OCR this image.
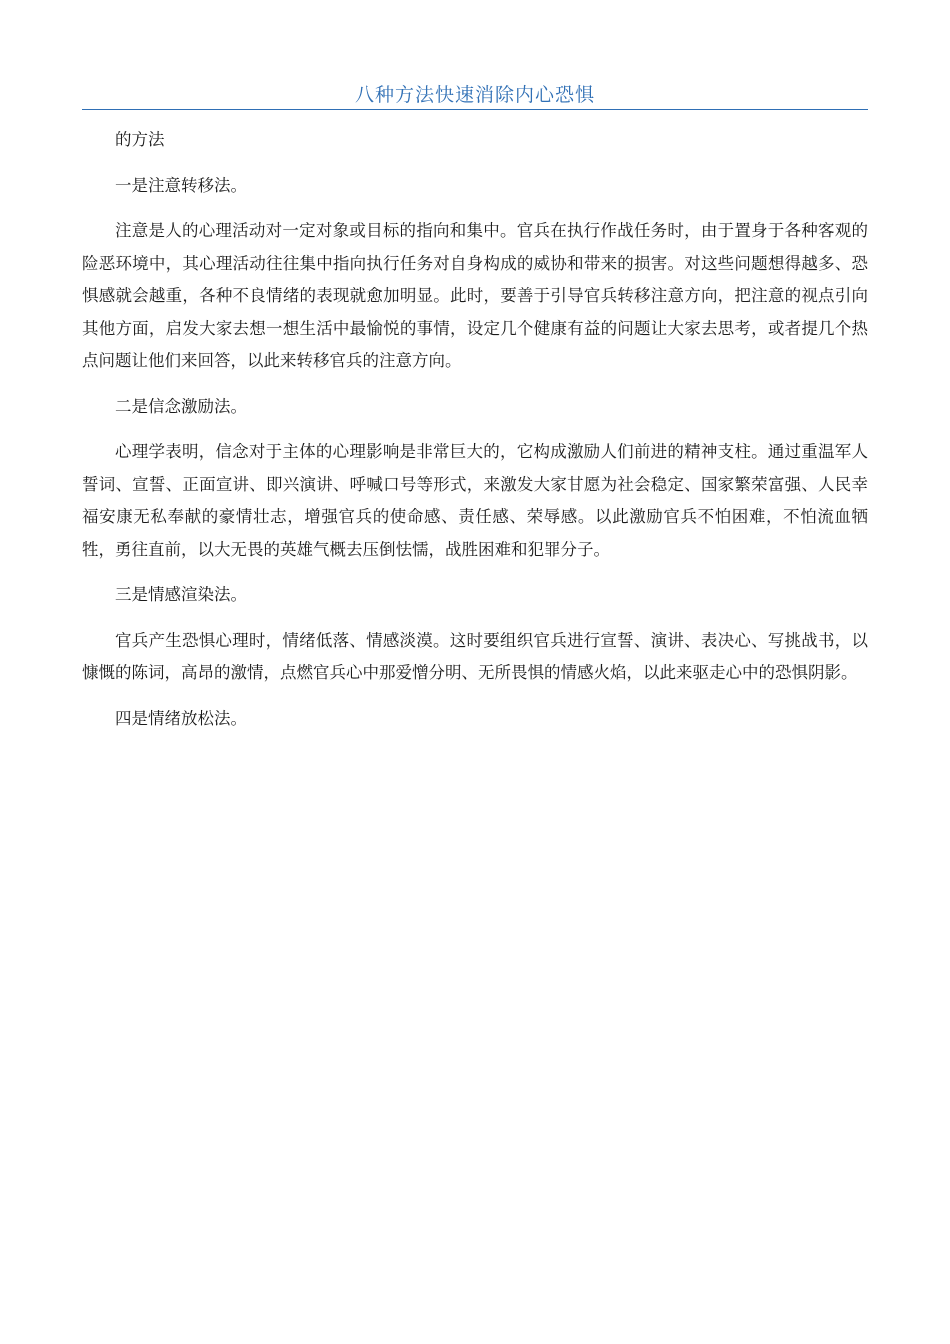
八种方法快速消除内心恐惧

的方法

一是注意转移法。

注意是人的心理活动对一定对象或目标的指向和集中。官兵在执行作战任务时，由于置身于各种客观的险恶环境中，其心理活动往往集中指向执行任务对自身构成的威协和带来的损害。对这些问题想得越多、恐惧感就会越重，各种不良情绪的表现就愈加明显。此时，要善于引导官兵转移注意方向，把注意的视点引向其他方面，启发大家去想一想生活中最愉悦的事情，设定几个健康有益的问题让大家去思考，或者提几个热点问题让他们来回答，以此来转移官兵的注意方向。

二是信念激励法。

心理学表明，信念对于主体的心理影响是非常巨大的，它构成激励人们前进的精神支柱。通过重温军人誓词、宣誓、正面宣讲、即兴演讲、呼喊口号等形式，来激发大家甘愿为社会稳定、国家繁荣富强、人民幸福安康无私奉献的豪情壮志，增强官兵的使命感、责任感、荣辱感。以此激励官兵不怕困难，不怕流血牺牲，勇往直前，以大无畏的英雄气概去压倒怯懦，战胜困难和犯罪分子。

三是情感渲染法。

官兵产生恐惧心理时，情绪低落、情感淡漠。这时要组织官兵进行宣誓、演讲、表决心、写挑战书，以慷慨的陈词，高昂的激情，点燃官兵心中那爱憎分明、无所畏惧的情感火焰，以此来驱走心中的恐惧阴影。

四是情绪放松法。
